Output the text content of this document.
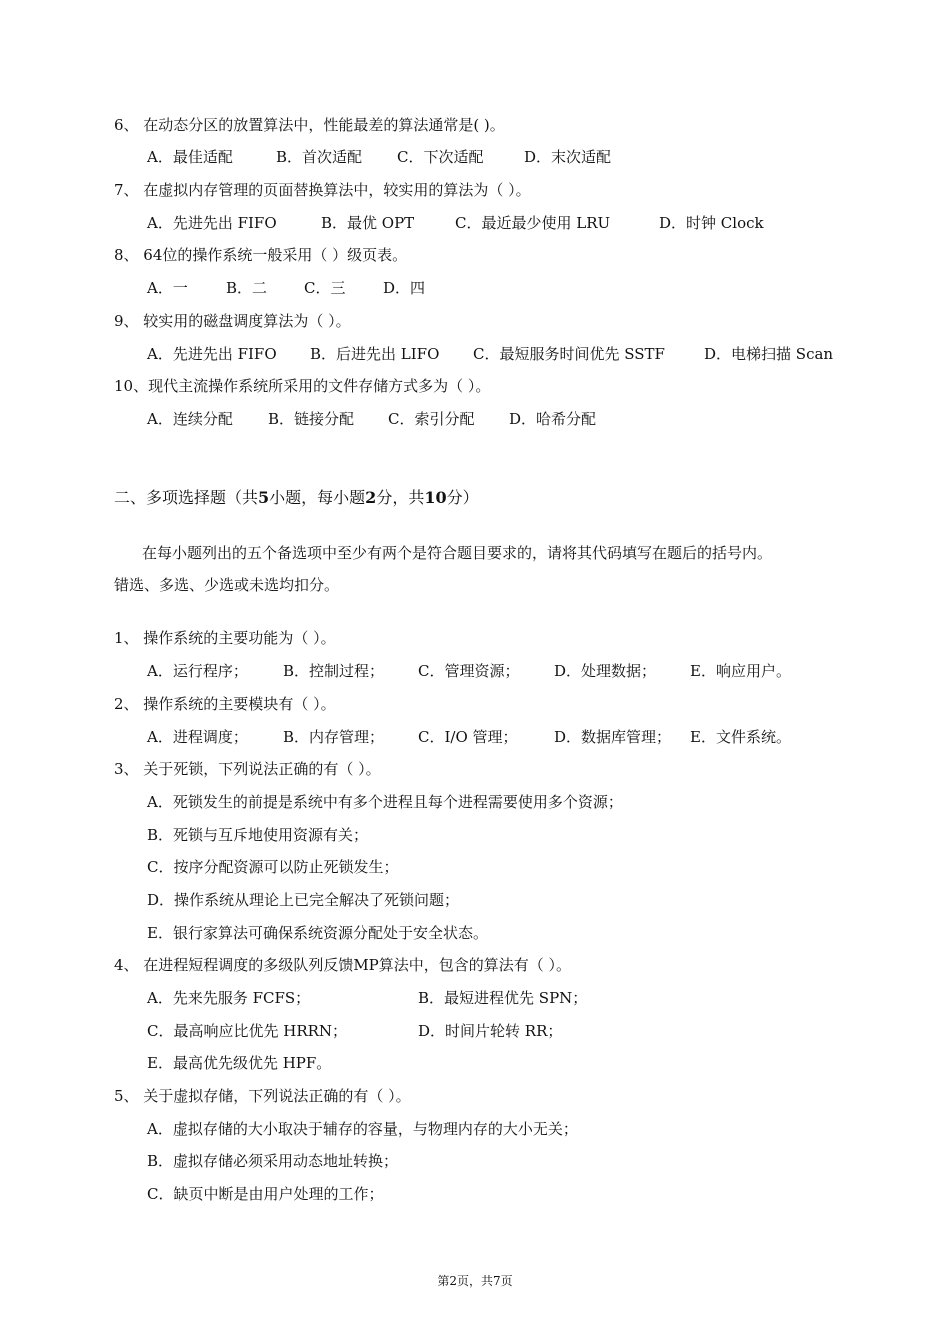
6、 在动态分区的放置算法中，性能最差的算法通常是( )。
A．最佳适配	B．首次适配 C．下次适配	D．末次适配
7、 在虚拟内存管理的页面替换算法中，较实用的算法为（ ）。
A．先进先出 FIFO	B．最优 OPT	C．最近最少使用 LRU	D．时钟 Clock
8、 64位的操作系统一般采用（ ）级页表。
A．一	B．二 C．三	D．四
9、 较实用的磁盘调度算法为（ ）。
A．先进先出 FIFO B．后进先出 LIFO C．最短服务时间优先 SSTF	D．电梯扫描 Scan
10、现代主流操作系统所采用的文件存储方式多为（ ）。
A．连续分配 B．链接分配 C．索引分配 D．哈希分配
二、多项选择题（共5小题，每小题2分，共10分）
在每小题列出的五个备选项中至少有两个是符合题目要求的，请将其代码填写在题后的括号内。
错选、多选、少选或未选均扣分。
1、 操作系统的主要功能为（ ）。
A．运行程序； B．控制过程； C．管理资源； D．处理数据； E．响应用户。
2、 操作系统的主要模块有（ ）。
A．进程调度； B．内存管理； C．I/O 管理； D．数据库管理； E．文件系统。
3、 关于死锁，下列说法正确的有（ ）。
A．死锁发生的前提是系统中有多个进程且每个进程需要使用多个资源；
B．死锁与互斥地使用资源有关；
C．按序分配资源可以防止死锁发生；
D．操作系统从理论上已完全解决了死锁问题；
E．银行家算法可确保系统资源分配处于安全状态。
4、 在进程短程调度的多级队列反馈MP算法中，包含的算法有（ ）。
A．先来先服务 FCFS；	B．最短进程优先 SPN；
C．最高响应比优先 HRRN；	D．时间片轮转 RR；
E．最高优先级优先 HPF。
5、 关于虚拟存储，下列说法正确的有（ ）。
A．虚拟存储的大小取决于辅存的容量，与物理内存的大小无关；
B．虚拟存储必须采用动态地址转换；
C．缺页中断是由用户处理的工作；
第2页，共7页
